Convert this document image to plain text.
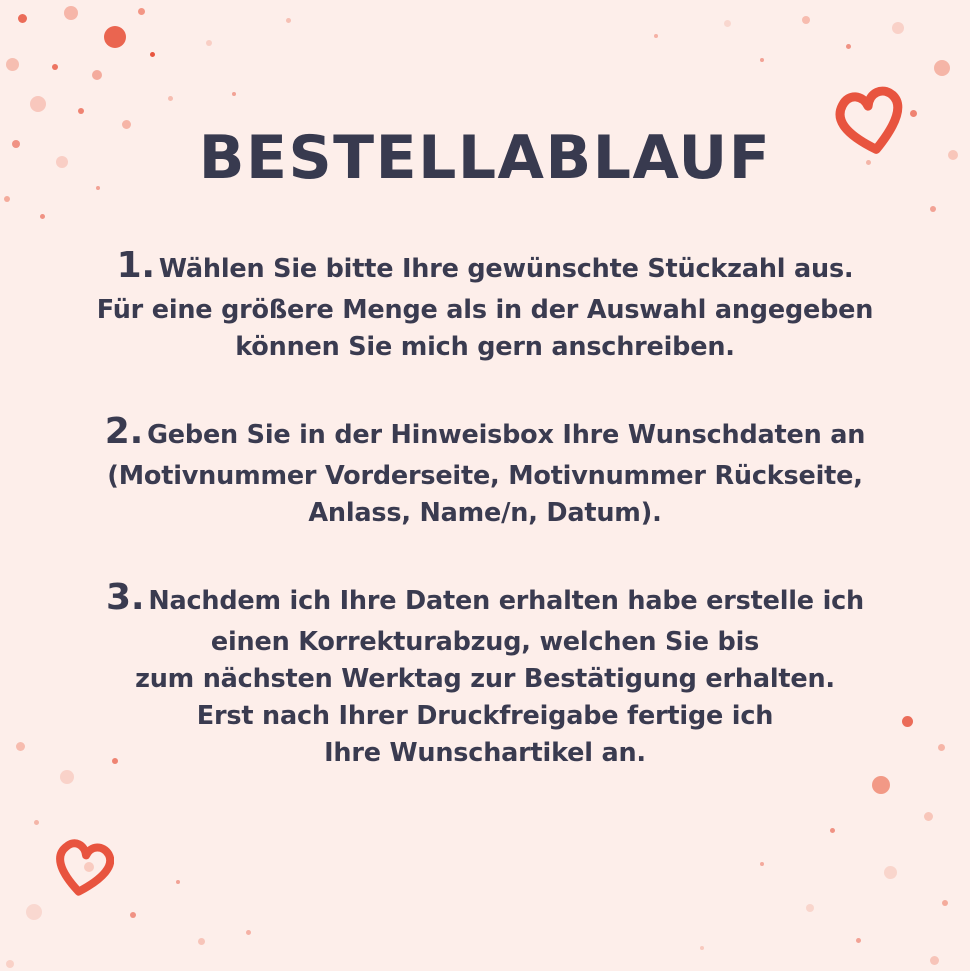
BESTELLABLAUF

1. Wählen Sie bitte Ihre gewünschte Stückzahl aus.

Für eine größere Menge als in der Auswahl angegeben

können Sie mich gern anschreiben.

2. Geben Sie in der Hinweisbox Ihre Wunschdaten an

(Motivnummer Vorderseite, Motivnummer Rückseite,

Anlass, Name/n, Datum).

3. Nachdem ich Ihre Daten erhalten habe erstelle ich

einen Korrekturabzug, welchen Sie bis

zum nächsten Werktag zur Bestätigung erhalten.

Erst nach Ihrer Druckfreigabe fertige ich

Ihre Wunschartikel an.
